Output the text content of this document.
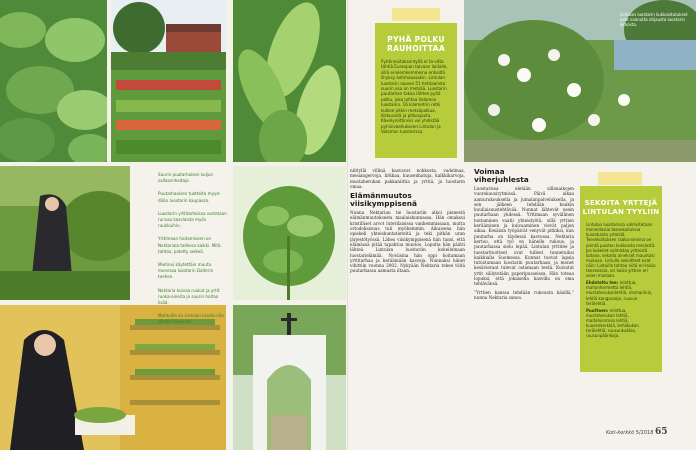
PYHÄ POLKU
RAUHOITTAA

Pyhtinnoitaksentyllä ei ta-vitta tähtiä Euroopan taivaan laidalle, sillä eriolemkemmeina entisiltä lihyksy kotimaassakin. Lintulan luostarin alueen 51 hehtaarista suurin osa on metsää. Luostarin puutarhan takaa lähtee pyhä polku, joka johtaa Valamon luostariin. 16 kilometrin retki kulkee pitkin metsäpolkua, liikkuvistä ja pitkospuita. Kävelyreittinnin voi yhdistää pyhiinvaellukseen Lintulan ja Valamon luostarissa.

Suurin puutarhaisen kuljun sallasenhoitaja.
Puutarhaaisen tuotteita myyd-dään luostarin kaupassa.
Luostarin yrttitarhoissa vartetaan runsaa kasvlaista myös ruukkuihin.
Yrttimaan hoitamiseen on Nektariala tallessa kaikki. Mitä tahtoo, pidetty selkeä.
Mietinui käytettäin muuta monessa luostarin Dalterin teehen.
Nektaria kuivaa ruukut ja yrtit ruoka-aineita ja suurin hoitaa lisää.
Mahtuilla on Lintulan luosta-rilla tämän kokoinen.

niittyllä villinä kasvavat nokkosta, vadelmaa, mesiangervoja, lirkkaa, kuusenhatuja, kalkkikarvoja, mustaherukan pakkaniittia ja yrttiä, ja luostarin omaa.

Elämänmuutos
viisikymppisenä

Nunna Nektarian tie luostariin alkoi pienestä elämänmuutoksesta maalaiskunnassa. Hän omaksui kristilliset arvot luterilaisissa vanhemmissaan, mutta ortodoksisuus tuli myöhemmin. Aikuisena hän opiskeli yhteiskuntatieteitä ja teki pitkän uran järjestötyössä. Lähes viisikymppisenä hän tunsi, että elämässä pitää tapahtua muutos. Lopulta hän päätti lähteä Lintulan luostariin kokeilemaan luostarielämää. Noviisina hän oppi hoitamaan yrttitarhaa ja keräämään kasveja. Nunnaksi hänet vihittiin vuonna 2002. Nykyään Nektaria tekee töitä puutarhassa aamusta iltaan.

Voimaa
viherjuhlesta

Luostarissa eletään sillanaikojen vuorokausirytmissä. Päivä alkaa aamurukouksella ja jumalanpalveluksella, ja sen jälkeen tehdään kunkin kuuliaisuustehtävää. Nunnat lähtevät usein puutarhaan yhdessä. Yrttimaan syvällinen hoitaminen vaatii yhteistyötä, sillä yrttien kerääminen ja kuivaaminen vievät paljon aikaa. Kesäisin työpäivät venyvät pitkiksi, kun puutarha on täydessä kasvussa. Nektaria kertoo, että työ on hänelle rukous, ja puutarhassa sielu lepää. Lintulan yrttitee ja luostarituotteet ovat tulleet tunnetuiksi kaikkialla Suomessa. Kunnat tuovat lapsia tutustumaan luostarin puutarhaan, ja monet kesävieraat tulevat ostamaan teetä. Kuivatut yrtit säilytetään paperipusseissa. Hän toteaa lopuksi, että jokaisella kasvilla on oma tehtävänsä.

”Yrttien kanssa tehdään rukousta käsillä,” nunna Nektaria sanoo.

Lintulan luostarin kukkaistutukset ovat saanutta ohjausta luostarin kirkosta.
SEKOITA YRTTEJÄ
LINTULAN TYYLIIN

Lintulan luostarissa valmistetaan monenlaisia teesekoituksia kuivatuista yrteistä. Teesekoituksen raaka-aineina on pientä puiston kukkoista mesiestä. Jos kokeilet valmistaa yrtteistä kotona, sekoita ainekset mauntasi mukaan. Lintulla sekoitteet ovat näin: Lintuilla tahtoo niitä eri-laisia teeseoksia, eri laisia yrttien eri osien mukaan.

Ehdoteltu tee: minttua, mahonhermetta lehtiä, mustaherukanlehtiä, rosmariinin, lehtiä kangasseja, ruusun terälehtiä.

Puutteen: minttua, mustaherukan lehtiä, maitohorsmaa lehtiä, kuusenkerkkiä, kehäkukan terälehtiä, ruusunkukkia, ruusunpäänkoja.

Koti-kerkkö 5/2018 65
